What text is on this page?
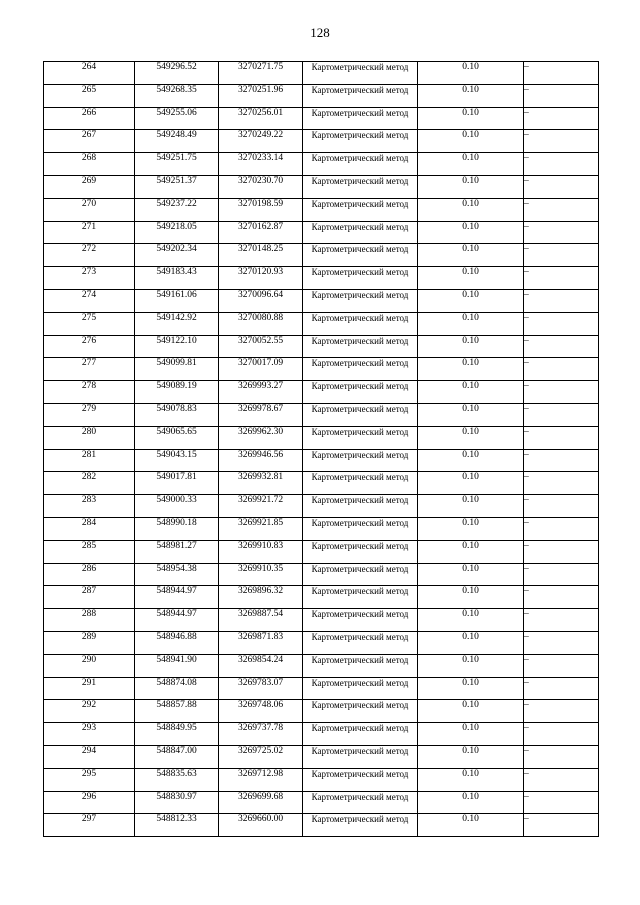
128
264	549296.52	3270271.75	Картометрический метод	0.10	–
265	549268.35	3270251.96	Картометрический метод	0.10	–
266	549255.06	3270256.01	Картометрический метод	0.10	–
267	549248.49	3270249.22	Картометрический метод	0.10	–
268	549251.75	3270233.14	Картометрический метод	0.10	–
269	549251.37	3270230.70	Картометрический метод	0.10	–
270	549237.22	3270198.59	Картометрический метод	0.10	–
271	549218.05	3270162.87	Картометрический метод	0.10	–
272	549202.34	3270148.25	Картометрический метод	0.10	–
273	549183.43	3270120.93	Картометрический метод	0.10	–
274	549161.06	3270096.64	Картометрический метод	0.10	–
275	549142.92	3270080.88	Картометрический метод	0.10	–
276	549122.10	3270052.55	Картометрический метод	0.10	–
277	549099.81	3270017.09	Картометрический метод	0.10	–
278	549089.19	3269993.27	Картометрический метод	0.10	–
279	549078.83	3269978.67	Картометрический метод	0.10	–
280	549065.65	3269962.30	Картометрический метод	0.10	–
281	549043.15	3269946.56	Картометрический метод	0.10	–
282	549017.81	3269932.81	Картометрический метод	0.10	–
283	549000.33	3269921.72	Картометрический метод	0.10	–
284	548990.18	3269921.85	Картометрический метод	0.10	–
285	548981.27	3269910.83	Картометрический метод	0.10	–
286	548954.38	3269910.35	Картометрический метод	0.10	–
287	548944.97	3269896.32	Картометрический метод	0.10	–
288	548944.97	3269887.54	Картометрический метод	0.10	–
289	548946.88	3269871.83	Картометрический метод	0.10	–
290	548941.90	3269854.24	Картометрический метод	0.10	–
291	548874.08	3269783.07	Картометрический метод	0.10	–
292	548857.88	3269748.06	Картометрический метод	0.10	–
293	548849.95	3269737.78	Картометрический метод	0.10	–
294	548847.00	3269725.02	Картометрический метод	0.10	–
295	548835.63	3269712.98	Картометрический метод	0.10	–
296	548830.97	3269699.68	Картометрический метод	0.10	–
297	548812.33	3269660.00	Картометрический метод	0.10	–
